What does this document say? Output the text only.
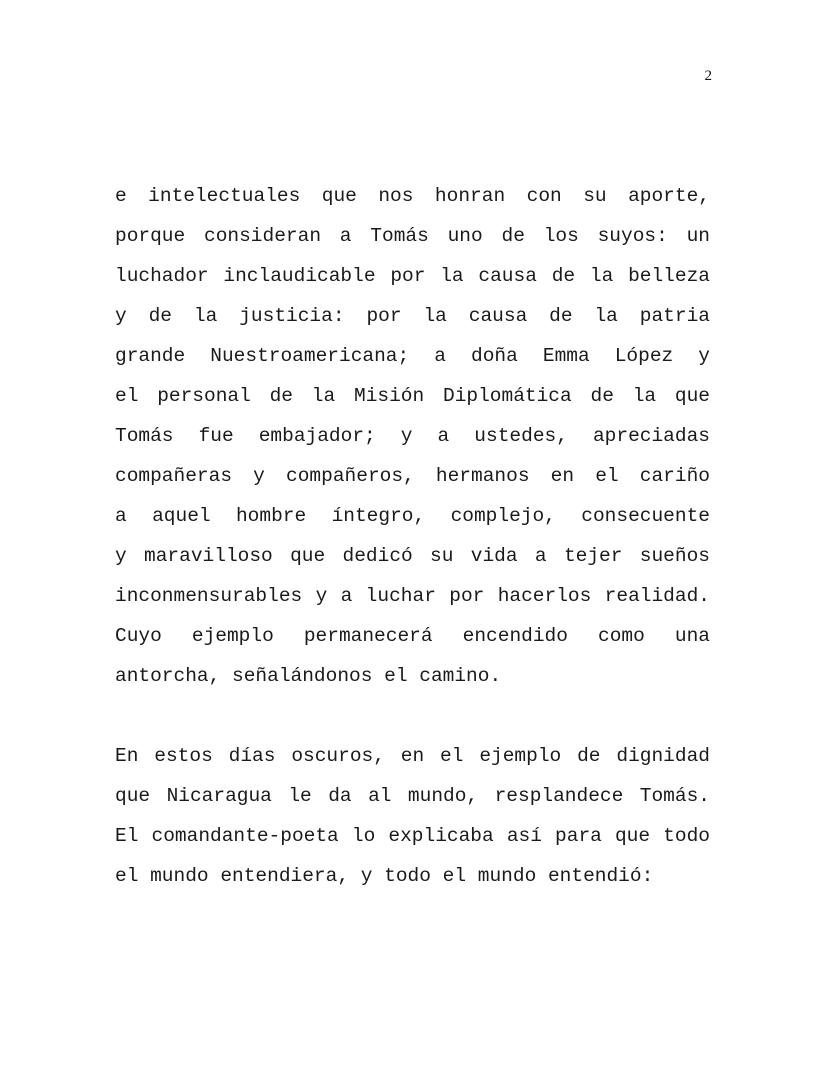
2
e intelectuales que nos honran con su aporte,
porque consideran a Tomás uno de los suyos: un
luchador inclaudicable por la causa de la belleza
y de la justicia: por la causa de la patria
grande Nuestroamericana; a doña Emma López y
el personal de la Misión Diplomática de la que
Tomás fue embajador; y a ustedes, apreciadas
compañeras y compañeros, hermanos en el cariño
a aquel hombre íntegro, complejo, consecuente
y maravilloso que dedicó su vida a tejer sueños
inconmensurables y a luchar por hacerlos realidad.
Cuyo ejemplo permanecerá encendido como una
antorcha, señalándonos el camino.
En estos días oscuros, en el ejemplo de dignidad
que Nicaragua le da al mundo, resplandece Tomás.
El comandante-poeta lo explicaba así para que todo
el mundo entendiera, y todo el mundo entendió:
